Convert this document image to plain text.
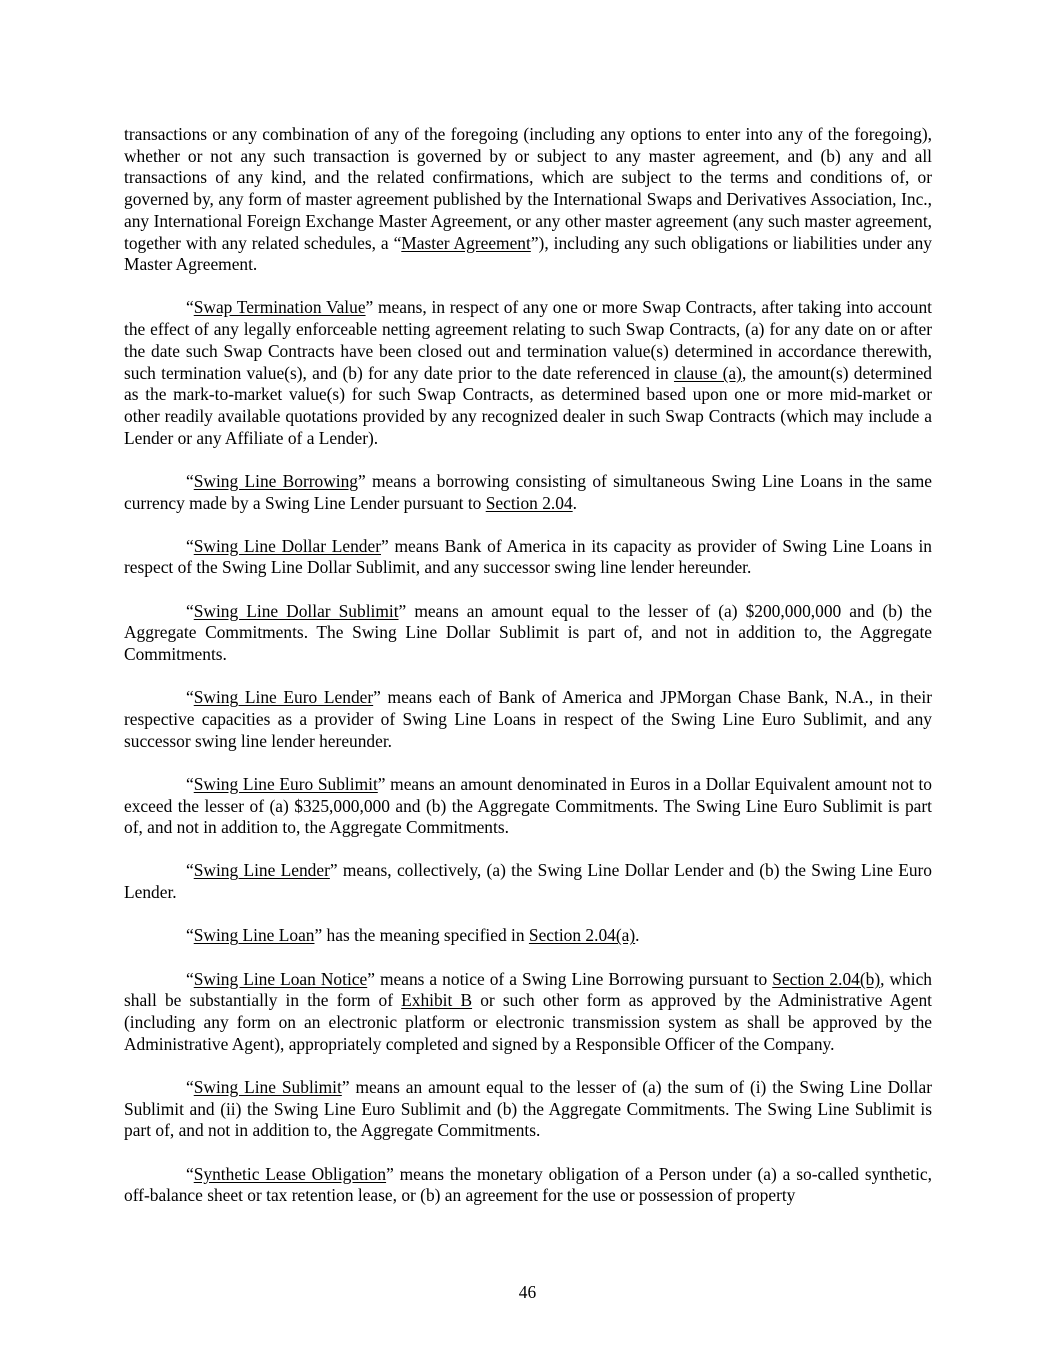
transactions or any combination of any of the foregoing (including any options to enter into any of the foregoing), whether or not any such transaction is governed by or subject to any master agreement, and (b) any and all transactions of any kind, and the related confirmations, which are subject to the terms and conditions of, or governed by, any form of master agreement published by the International Swaps and Derivatives Association, Inc., any International Foreign Exchange Master Agreement, or any other master agreement (any such master agreement, together with any related schedules, a “Master Agreement”), including any such obligations or liabilities under any Master Agreement.

“Swap Termination Value” means, in respect of any one or more Swap Contracts, after taking into account the effect of any legally enforceable netting agreement relating to such Swap Contracts, (a) for any date on or after the date such Swap Contracts have been closed out and termination value(s) determined in accordance therewith, such termination value(s), and (b) for any date prior to the date referenced in clause (a), the amount(s) determined as the mark-to-market value(s) for such Swap Contracts, as determined based upon one or more mid-market or other readily available quotations provided by any recognized dealer in such Swap Contracts (which may include a Lender or any Affiliate of a Lender).

“Swing Line Borrowing” means a borrowing consisting of simultaneous Swing Line Loans in the same currency made by a Swing Line Lender pursuant to Section 2.04.

“Swing Line Dollar Lender” means Bank of America in its capacity as provider of Swing Line Loans in respect of the Swing Line Dollar Sublimit, and any successor swing line lender hereunder.

“Swing Line Dollar Sublimit” means an amount equal to the lesser of (a) $200,000,000 and (b) the Aggregate Commitments. The Swing Line Dollar Sublimit is part of, and not in addition to, the Aggregate Commitments.

“Swing Line Euro Lender” means each of Bank of America and JPMorgan Chase Bank, N.A., in their respective capacities as a provider of Swing Line Loans in respect of the Swing Line Euro Sublimit, and any successor swing line lender hereunder.

“Swing Line Euro Sublimit” means an amount denominated in Euros in a Dollar Equivalent amount not to exceed the lesser of (a) $325,000,000 and (b) the Aggregate Commitments. The Swing Line Euro Sublimit is part of, and not in addition to, the Aggregate Commitments.

“Swing Line Lender” means, collectively, (a) the Swing Line Dollar Lender and (b) the Swing Line Euro Lender.

“Swing Line Loan” has the meaning specified in Section 2.04(a).

“Swing Line Loan Notice” means a notice of a Swing Line Borrowing pursuant to Section 2.04(b), which shall be substantially in the form of Exhibit B or such other form as approved by the Administrative Agent (including any form on an electronic platform or electronic transmission system as shall be approved by the Administrative Agent), appropriately completed and signed by a Responsible Officer of the Company.

“Swing Line Sublimit” means an amount equal to the lesser of (a) the sum of (i) the Swing Line Dollar Sublimit and (ii) the Swing Line Euro Sublimit and (b) the Aggregate Commitments. The Swing Line Sublimit is part of, and not in addition to, the Aggregate Commitments.

“Synthetic Lease Obligation” means the monetary obligation of a Person under (a) a so-called synthetic, off-balance sheet or tax retention lease, or (b) an agreement for the use or possession of property

46
